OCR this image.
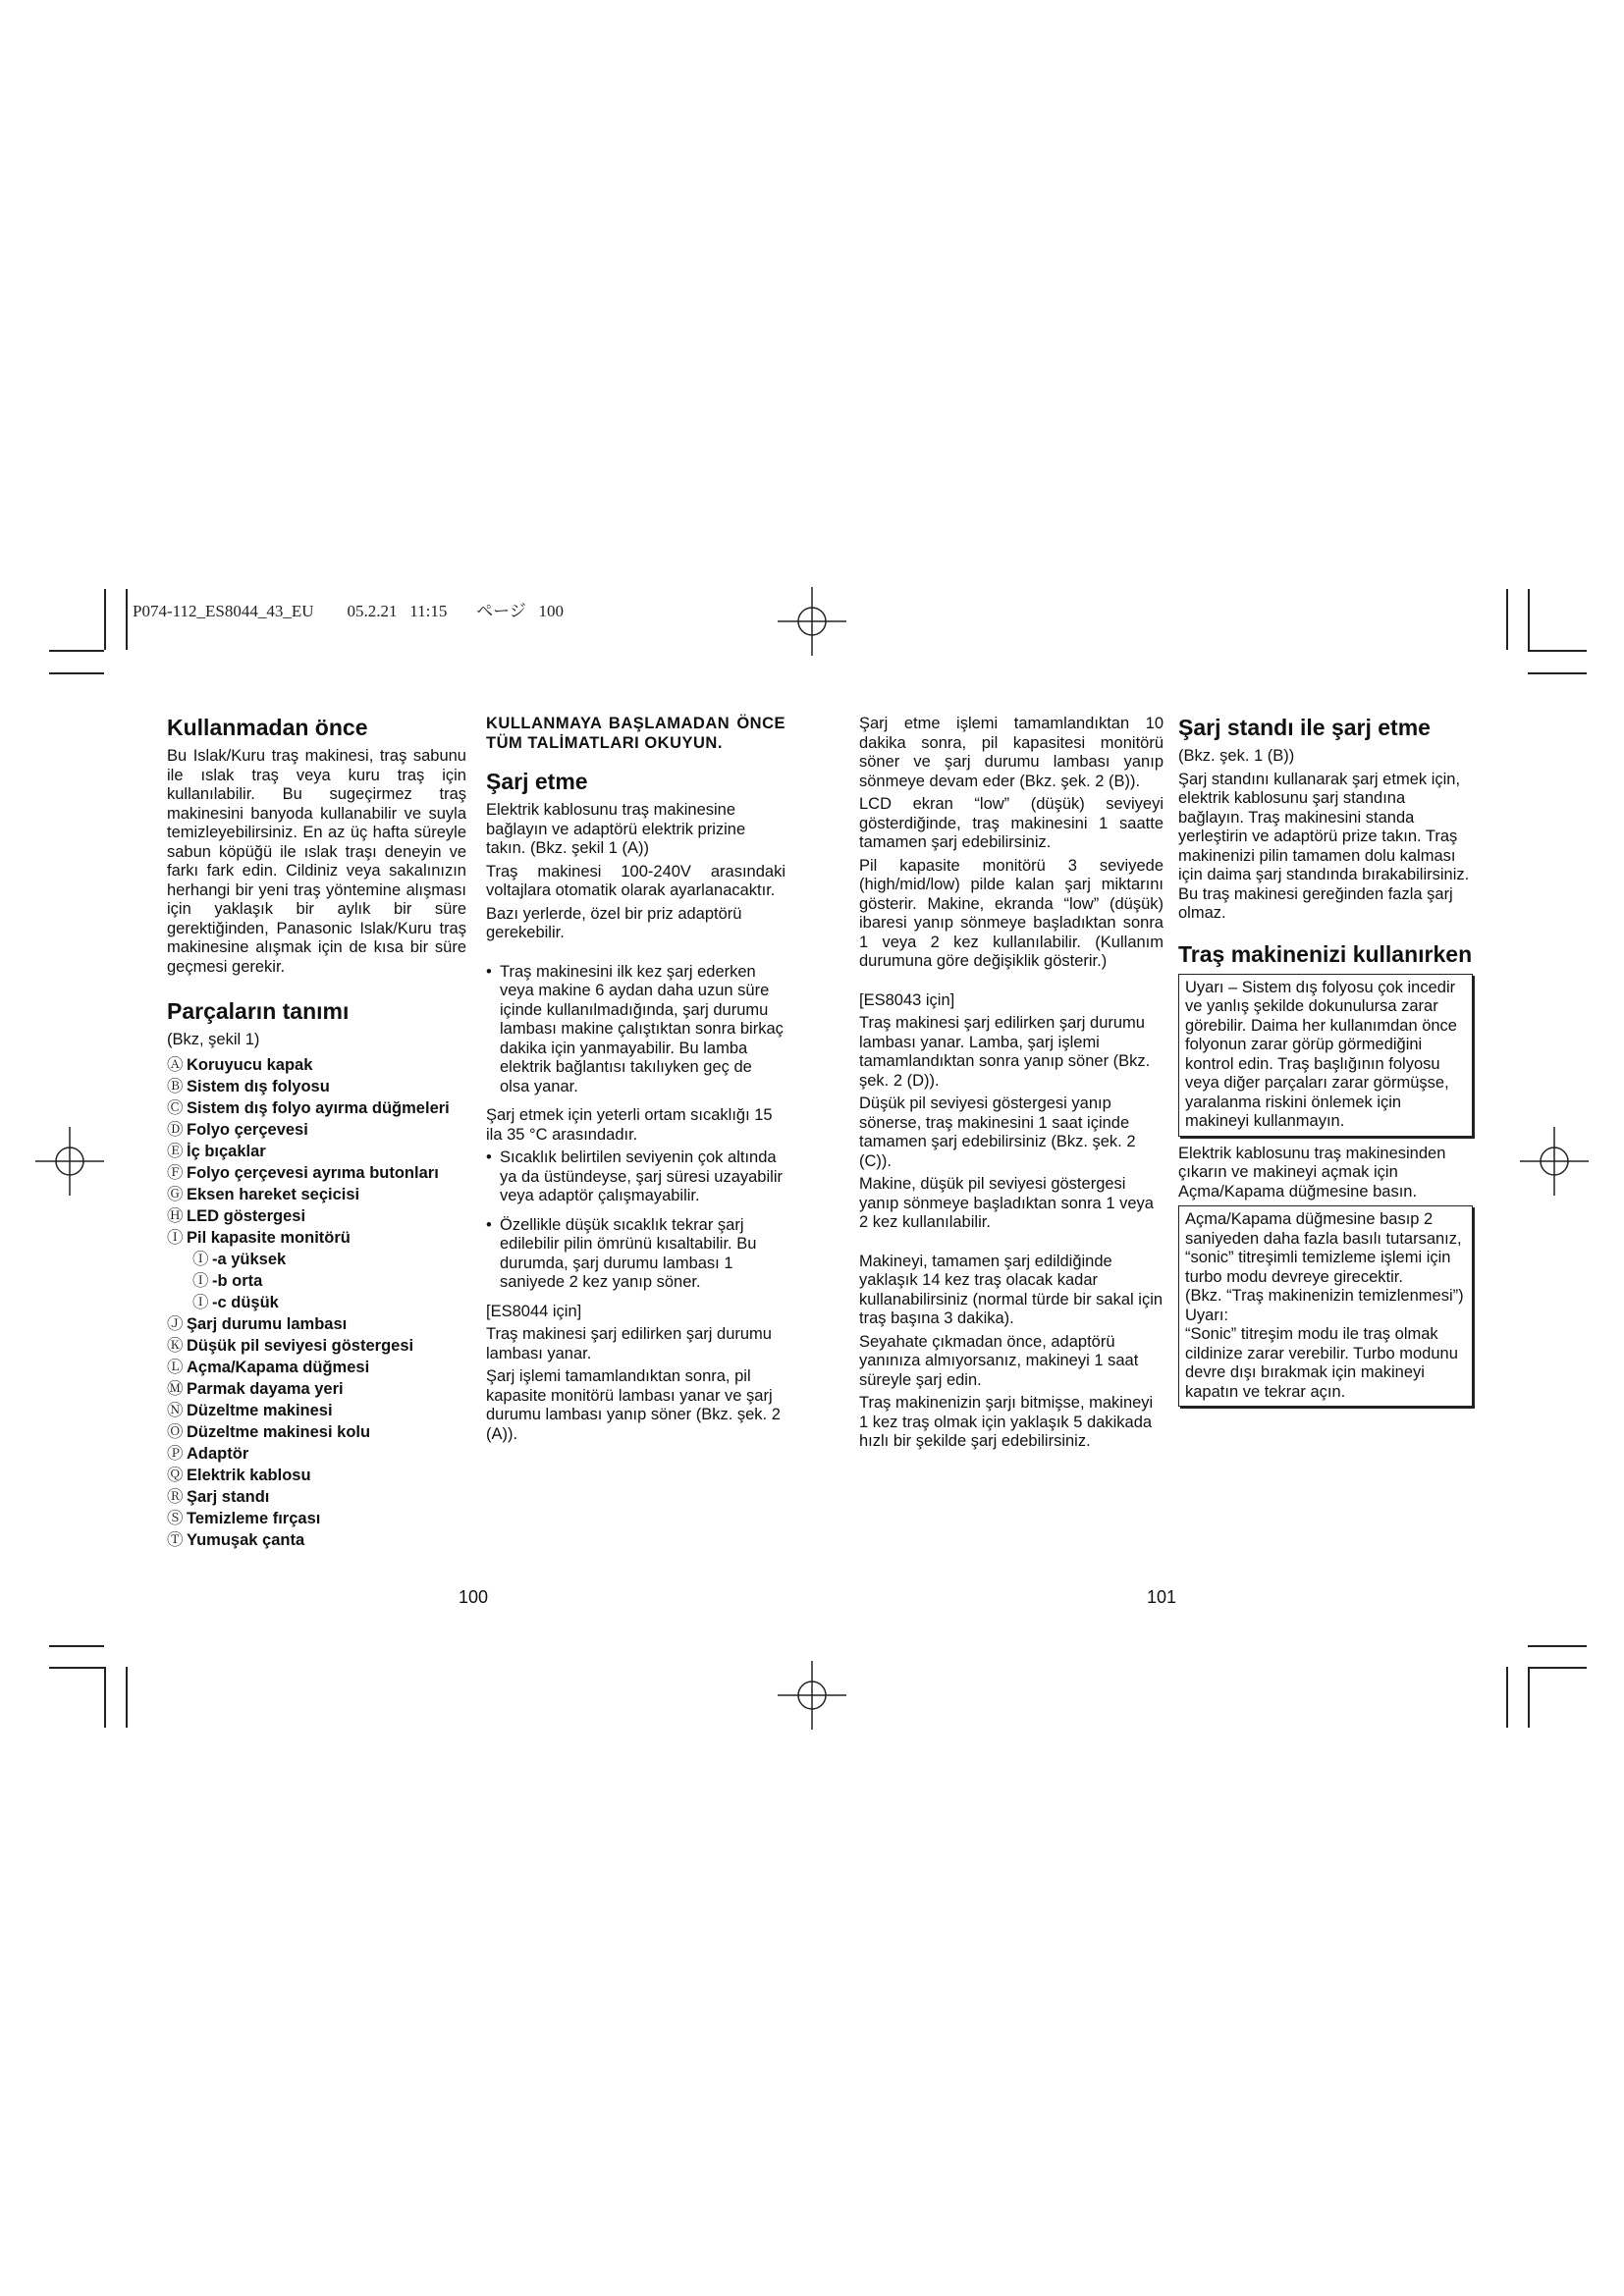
P074-112_ES8044_43_EU        05.2.21   11:15       ページ   100
Kullanmadan önce

Bu Islak/Kuru traş makinesi, traş sabunu ile ıslak traş veya kuru traş için kullanılabilir. Bu sugeçirmez traş makinesini banyoda kullanabilir ve suyla temizleyebilirsiniz. En az üç hafta süreyle sabun köpüğü ile ıslak traşı deneyin ve farkı fark edin. Cildiniz veya sakalınızın herhangi bir yeni traş yöntemine alışması için yaklaşık bir aylık bir süre gerektiğinden, Panasonic Islak/Kuru traş makinesine alışmak için de kısa bir süre geçmesi gerekir.

Parçaların tanımı

(Bkz, şekil 1)

Ⓐ Koruyucu kapak
Ⓑ Sistem dış folyosu
Ⓒ Sistem dış folyo ayırma düğmeleri
Ⓓ Folyo çerçevesi
Ⓔ İç bıçaklar
Ⓕ Folyo çerçevesi ayrıma butonları
Ⓖ Eksen hareket seçicisi
Ⓗ LED göstergesi
Ⓘ Pil kapasite monitörü
Ⓘ -a yüksek
Ⓘ -b orta
Ⓘ -c düşük
Ⓙ Şarj durumu lambası
Ⓚ Düşük pil seviyesi göstergesi
Ⓛ Açma/Kapama düğmesi
Ⓜ Parmak dayama yeri
Ⓝ Düzeltme makinesi
Ⓞ Düzeltme makinesi kolu
Ⓟ Adaptör
Ⓠ Elektrik kablosu
Ⓡ Şarj standı
Ⓢ Temizleme fırçası
Ⓣ Yumuşak çanta

KULLANMAYA BAŞLAMADAN ÖNCE TÜM TALİMATLARI OKUYUN.

Şarj etme

Elektrik kablosunu traş makinesine bağlayın ve adaptörü elektrik prizine takın. (Bkz. şekil 1 (A))

Traş makinesi 100-240V arasındaki voltajlara otomatik olarak ayarlanacaktır.

Bazı yerlerde, özel bir priz adaptörü gerekebilir.

• Traş makinesini ilk kez şarj ederken veya makine 6 aydan daha uzun süre içinde kullanılmadığında, şarj durumu lambası makine çalıştıktan sonra birkaç dakika için yanmayabilir. Bu lamba elektrik bağlantısı takılıyken geç de olsa yanar.

Şarj etmek için yeterli ortam sıcaklığı 15 ila 35 °C arasındadır.

• Sıcaklık belirtilen seviyenin çok altında ya da üstündeyse, şarj süresi uzayabilir veya adaptör çalışmayabilir.
• Özellikle düşük sıcaklık tekrar şarj edilebilir pilin ömrünü kısaltabilir. Bu durumda, şarj durumu lambası 1 saniyede 2 kez yanıp söner.

[ES8044 için]

Traş makinesi şarj edilirken şarj durumu lambası yanar.

Şarj işlemi tamamlandıktan sonra, pil kapasite monitörü lambası yanar ve şarj durumu lambası yanıp söner (Bkz. şek. 2 (A)).

100

Şarj etme işlemi tamamlandıktan 10 dakika sonra, pil kapasitesi monitörü söner ve şarj durumu lambası yanıp sönmeye devam eder (Bkz. şek. 2 (B)).

LCD ekran “low” (düşük) seviyeyi gösterdiğinde, traş makinesini 1 saatte tamamen şarj edebilirsiniz.

Pil kapasite monitörü 3 seviyede (high/mid/low) pilde kalan şarj miktarını gösterir. Makine, ekranda “low” (düşük) ibaresi yanıp sönmeye başladıktan sonra 1 veya 2 kez kullanılabilir. (Kullanım durumuna göre değişiklik gösterir.)

[ES8043 için]

Traş makinesi şarj edilirken şarj durumu lambası yanar. Lamba, şarj işlemi tamamlandıktan sonra yanıp söner (Bkz. şek. 2 (D)).

Düşük pil seviyesi göstergesi yanıp sönerse, traş makinesini 1 saat içinde tamamen şarj edebilirsiniz (Bkz. şek. 2 (C)).

Makine, düşük pil seviyesi göstergesi yanıp sönmeye başladıktan sonra 1 veya 2 kez kullanılabilir.

Makineyi, tamamen şarj edildiğinde yaklaşık 14 kez traş olacak kadar kullanabilirsiniz (normal türde bir sakal için traş başına 3 dakika).

Seyahate çıkmadan önce, adaptörü yanınıza almıyorsanız, makineyi 1 saat süreyle şarj edin.

Traş makinenizin şarjı bitmişse, makineyi 1 kez traş olmak için yaklaşık 5 dakikada hızlı bir şekilde şarj edebilirsiniz.

101
Şarj standı ile şarj etme

(Bkz. şek. 1 (B))

Şarj standını kullanarak şarj etmek için, elektrik kablosunu şarj standına bağlayın. Traş makinesini standa yerleştirin ve adaptörü prize takın. Traş makinenizi pilin tamamen dolu kalması için daima şarj standında bırakabilirsiniz. Bu traş makinesi gereğinden fazla şarj olmaz.

Traş makinenizi kullanırken

Uyarı – Sistem dış folyosu çok incedir ve yanlış şekilde dokunulursa zarar görebilir. Daima her kullanımdan önce folyonun zarar görüp görmediğini kontrol edin. Traş başlığının folyosu veya diğer parçaları zarar görmüşse, yaralanma riskini önlemek için makineyi kullanmayın.

Elektrik kablosunu traş makinesinden çıkarın ve makineyi açmak için Açma/Kapama düğmesine basın.

Açma/Kapama düğmesine basıp 2 saniyeden daha fazla basılı tutarsanız, “sonic” titreşimli temizleme işlemi için turbo modu devreye girecektir.

(Bkz. “Traş makinenizin temizlenmesi”)

Uyarı:

“Sonic” titreşim modu ile traş olmak cildinize zarar verebilir. Turbo modunu devre dışı bırakmak için makineyi kapatın ve tekrar açın.
